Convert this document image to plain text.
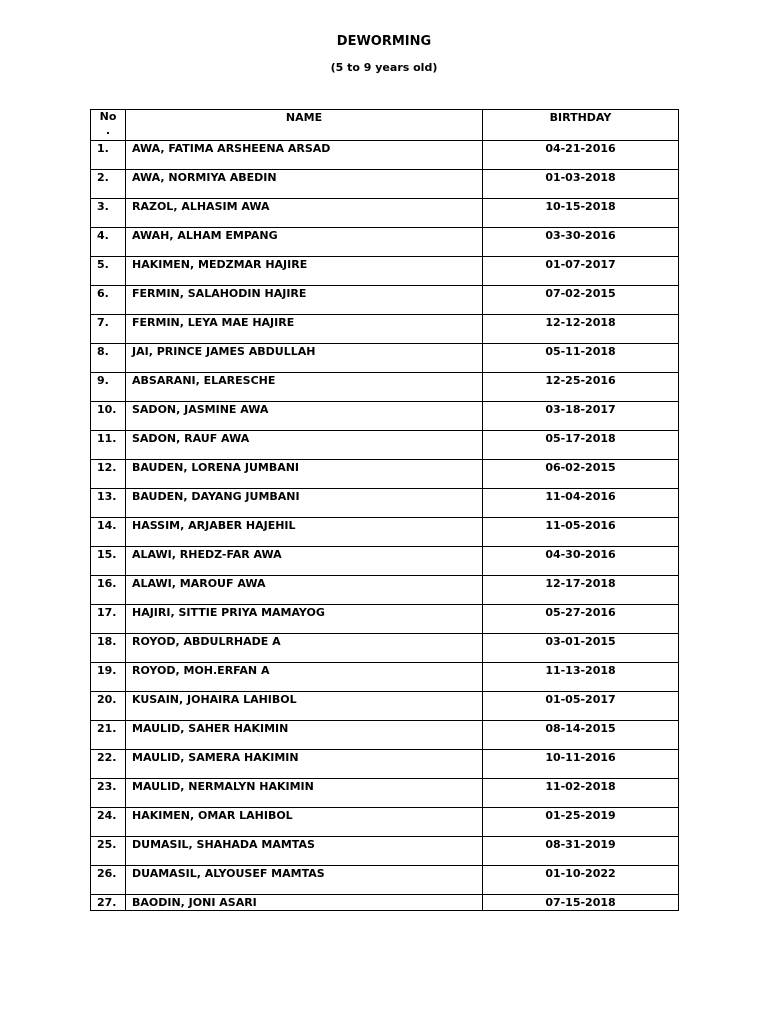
DEWORMING
(5 to 9 years old)
No .	NAME	BIRTHDAY
1.	AWA, FATIMA ARSHEENA ARSAD	04-21-2016
2.	AWA, NORMIYA ABEDIN	01-03-2018
3.	RAZOL, ALHASIM AWA	10-15-2018
4.	AWAH, ALHAM EMPANG	03-30-2016
5.	HAKIMEN, MEDZMAR HAJIRE	01-07-2017
6.	FERMIN, SALAHODIN HAJIRE	07-02-2015
7.	FERMIN, LEYA MAE HAJIRE	12-12-2018
8.	JAI, PRINCE JAMES ABDULLAH	05-11-2018
9.	ABSARANI, ELARESCHE	12-25-2016
10.	SADON, JASMINE AWA	03-18-2017
11.	SADON, RAUF AWA	05-17-2018
12.	BAUDEN, LORENA JUMBANI	06-02-2015
13.	BAUDEN, DAYANG JUMBANI	11-04-2016
14.	HASSIM, ARJABER HAJEHIL	11-05-2016
15.	ALAWI, RHEDZ-FAR AWA	04-30-2016
16.	ALAWI, MAROUF AWA	12-17-2018
17.	HAJIRI, SITTIE PRIYA MAMAYOG	05-27-2016
18.	ROYOD, ABDULRHADE A	03-01-2015
19.	ROYOD, MOH.ERFAN A	11-13-2018
20.	KUSAIN, JOHAIRA LAHIBOL	01-05-2017
21.	MAULID, SAHER HAKIMIN	08-14-2015
22.	MAULID, SAMERA HAKIMIN	10-11-2016
23.	MAULID, NERMALYN HAKIMIN	11-02-2018
24.	HAKIMEN, OMAR LAHIBOL	01-25-2019
25.	DUMASIL, SHAHADA MAMTAS	08-31-2019
26.	DUAMASIL, ALYOUSEF MAMTAS	01-10-2022
27.	BAODIN, JONI ASARI	07-15-2018
